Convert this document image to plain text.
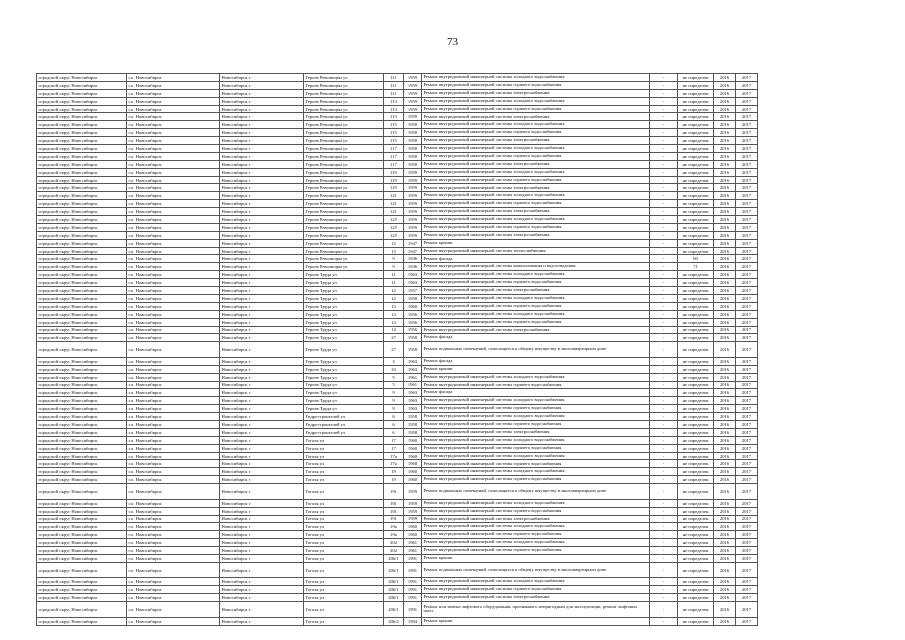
73
городской округ Новосибирск	г.о. Новосибирск	Новосибирск г	Героев Революции ул	111	1959	Ремонт внутридомовой инженерной системы холодного водоснабжения	-	не определен	2016	2017
городской округ Новосибирск	г.о. Новосибирск	Новосибирск г	Героев Революции ул	111	1959	Ремонт внутридомовой инженерной системы горячего водоснабжения	-	не определен	2016	2017
городской округ Новосибирск	г.о. Новосибирск	Новосибирск г	Героев Революции ул	111	1959	Ремонт внутридомовой инженерной системы электроснабжения	-	не определен	2016	2017
городской округ Новосибирск	г.о. Новосибирск	Новосибирск г	Героев Революции ул	113	1959	Ремонт внутридомовой инженерной системы холодного водоснабжения	-	не определен	2016	2017
городской округ Новосибирск	г.о. Новосибирск	Новосибирск г	Героев Революции ул	113	1959	Ремонт внутридомовой инженерной системы горячего водоснабжения	-	не определен	2016	2017
городской округ Новосибирск	г.о. Новосибирск	Новосибирск г	Героев Революции ул	113	1959	Ремонт внутридомовой инженерной системы электроснабжения	-	не определен	2016	2017
городской округ Новосибирск	г.о. Новосибирск	Новосибирск г	Героев Революции ул	115	1958	Ремонт внутридомовой инженерной системы холодного водоснабжения	-	не определен	2016	2017
городской округ Новосибирск	г.о. Новосибирск	Новосибирск г	Героев Революции ул	115	1958	Ремонт внутридомовой инженерной системы горячего водоснабжения	-	не определен	2016	2017
городской округ Новосибирск	г.о. Новосибирск	Новосибирск г	Героев Революции ул	115	1958	Ремонт внутридомовой инженерной системы электроснабжения	-	не определен	2016	2017
городской округ Новосибирск	г.о. Новосибирск	Новосибирск г	Героев Революции ул	117	1958	Ремонт внутридомовой инженерной системы холодного водоснабжения	-	не определен	2016	2017
городской округ Новосибирск	г.о. Новосибирск	Новосибирск г	Героев Революции ул	117	1958	Ремонт внутридомовой инженерной системы горячего водоснабжения	-	не определен	2016	2017
городской округ Новосибирск	г.о. Новосибирск	Новосибирск г	Героев Революции ул	117	1958	Ремонт внутридомовой инженерной системы электроснабжения	-	не определен	2016	2017
городской округ Новосибирск	г.о. Новосибирск	Новосибирск г	Героев Революции ул	119	1959	Ремонт внутридомовой инженерной системы холодного водоснабжения	-	не определен	2016	2017
городской округ Новосибирск	г.о. Новосибирск	Новосибирск г	Героев Революции ул	119	1959	Ремонт внутридомовой инженерной системы горячего водоснабжения	-	не определен	2016	2017
городской округ Новосибирск	г.о. Новосибирск	Новосибирск г	Героев Революции ул	119	1959	Ремонт внутридомовой инженерной системы электроснабжения	-	не определен	2016	2017
городской округ Новосибирск	г.о. Новосибирск	Новосибирск г	Героев Революции ул	121	1959	Ремонт внутридомовой инженерной системы холодного водоснабжения	-	не определен	2016	2017
городской округ Новосибирск	г.о. Новосибирск	Новосибирск г	Героев Революции ул	121	1959	Ремонт внутридомовой инженерной системы горячего водоснабжения	-	не определен	2016	2017
городской округ Новосибирск	г.о. Новосибирск	Новосибирск г	Героев Революции ул	121	1959	Ремонт внутридомовой инженерной системы электроснабжения	-	не определен	2016	2017
городской округ Новосибирск	г.о. Новосибирск	Новосибирск г	Героев Революции ул	125	1959	Ремонт внутридомовой инженерной системы холодного водоснабжения	-	не определен	2016	2017
городской округ Новосибирск	г.о. Новосибирск	Новосибирск г	Героев Революции ул	125	1959	Ремонт внутридомовой инженерной системы горячего водоснабжения	-	не определен	2016	2017
городской округ Новосибирск	г.о. Новосибирск	Новосибирск г	Героев Революции ул	125	1959	Ремонт внутридомовой инженерной системы электроснабжения	-	не определен	2016	2017
городской округ Новосибирск	г.о. Новосибирск	Новосибирск г	Героев Революции ул	13	1947	Ремонт крыши	-	не определен	2016	2017
городской округ Новосибирск	г.о. Новосибирск	Новосибирск г	Героев Революции ул	13	1947	Ремонт внутридомовой инженерной системы теплоснабжения	-	не определен	2016	2017
городской округ Новосибирск	г.о. Новосибирск	Новосибирск г	Героев Революции ул	9	1936	Ремонт фасада	-	60	2016	2017
городской округ Новосибирск	г.о. Новосибирск	Новосибирск г	Героев Революции ул	9	1936	Ремонт внутридомовой инженерной системы канализования и водоотведения	-	71	2016	2017
городской округ Новосибирск	г.о. Новосибирск	Новосибирск г	Героев Труда ул	11	1963	Ремонт внутридомовой инженерной системы холодного водоснабжения	-	не определен	2016	2017
городской округ Новосибирск	г.о. Новосибирск	Новосибирск г	Героев Труда ул	11	1963	Ремонт внутридомовой инженерной системы горячего водоснабжения	-	не определен	2016	2017
городской округ Новосибирск	г.о. Новосибирск	Новосибирск г	Героев Труда ул	12	1957	Ремонт внутридомовой инженерной системы электроснабжения	-	не определен	2016	2017
городской округ Новосибирск	г.о. Новосибирск	Новосибирск г	Героев Труда ул	12	1958	Ремонт внутридомовой инженерной системы холодного водоснабжения	-	не определен	2016	2017
городской округ Новосибирск	г.о. Новосибирск	Новосибирск г	Героев Труда ул	13	1960	Ремонт внутридомовой инженерной системы горячего водоснабжения	-	не определен	2016	2017
городской округ Новосибирск	г.о. Новосибирск	Новосибирск г	Героев Труда ул	14	1956	Ремонт внутридомовой инженерной системы холодного водоснабжения	-	не определен	2016	2017
городской округ Новосибирск	г.о. Новосибирск	Новосибирск г	Героев Труда ул	14	1956	Ремонт внутридомовой инженерной системы горячего водоснабжения	-	не определен	2016	2017
городской округ Новосибирск	г.о. Новосибирск	Новосибирск г	Героев Труда ул	14	1956	Ремонт внутридомовой инженерной системы электроснабжения	-	не определен	2016	2017
городской округ Новосибирск	г.о. Новосибирск	Новосибирск г	Героев Труда ул	27	1958	Ремонт фасада	-	не определен	2016	2017
городской округ Новосибирск	г.о. Новосибирск	Новосибирск г	Героев Труда ул	27	1958	Ремонт подвальных помещений, относящихся к общему имуществу в многоквартирном доме	-	не определен	2016	2017
городской округ Новосибирск	г.о. Новосибирск	Новосибирск г	Героев Труда ул	3	1963	Ремонт фасада	-	не определен	2016	2017
городской округ Новосибирск	г.о. Новосибирск	Новосибирск г	Героев Труда ул	33	1963	Ремонт крыши	-	не определен	2016	2017
городской округ Новосибирск	г.о. Новосибирск	Новосибирск г	Героев Труда ул	5	1961	Ремонт внутридомовой инженерной системы холодного водоснабжения	-	не определен	2016	2017
городской округ Новосибирск	г.о. Новосибирск	Новосибирск г	Героев Труда ул	5	1961	Ремонт внутридомовой инженерной системы горячего водоснабжения	-	не определен	2016	2017
городской округ Новосибирск	г.о. Новосибирск	Новосибирск г	Героев Труда ул	9	1963	Ремонт фасада	-	не определен	2016	2017
городской округ Новосибирск	г.о. Новосибирск	Новосибирск г	Героев Труда ул	9	1963	Ремонт внутридомовой инженерной системы холодного водоснабжения	-	не определен	2016	2017
городской округ Новосибирск	г.о. Новосибирск	Новосибирск г	Героев Труда ул	9	1963	Ремонт внутридомовой инженерной системы горячего водоснабжения	-	не определен	2016	2017
городской округ Новосибирск	г.о. Новосибирск	Новосибирск г	Гидростроителей ул	6	1958	Ремонт внутридомовой инженерной системы холодного водоснабжения	-	не определен	2016	2017
городской округ Новосибирск	г.о. Новосибирск	Новосибирск г	Гидростроителей ул	6	1958	Ремонт внутридомовой инженерной системы горячего водоснабжения	-	не определен	2016	2017
городской округ Новосибирск	г.о. Новосибирск	Новосибирск г	Гидростроителей ул	6	1958	Ремонт внутридомовой инженерной системы электроснабжения	-	не определен	2016	2017
городской округ Новосибирск	г.о. Новосибирск	Новосибирск г	Гоголя ул	17	1960	Ремонт внутридомовой инженерной системы холодного водоснабжения	-	не определен	2016	2017
городской округ Новосибирск	г.о. Новосибирск	Новосибирск г	Гоголя ул	17	1960	Ремонт внутридомовой инженерной системы горячего водоснабжения	-	не определен	2016	2017
городской округ Новосибирск	г.о. Новосибирск	Новосибирск г	Гоголя ул	17а	1960	Ремонт внутридомовой инженерной системы холодного водоснабжения	-	не определен	2016	2017
городской округ Новосибирск	г.о. Новосибирск	Новосибирск г	Гоголя ул	17а	1960	Ремонт внутридомовой инженерной системы горячего водоснабжения	-	не определен	2016	2017
городской округ Новосибирск	г.о. Новосибирск	Новосибирск г	Гоголя ул	19	1960	Ремонт внутридомовой инженерной системы холодного водоснабжения	-	не определен	2016	2017
городской округ Новосибирск	г.о. Новосибирск	Новосибирск г	Гоголя ул	19	1960	Ремонт внутридомовой инженерной системы горячего водоснабжения	-	не определен	2016	2017
городской округ Новосибирск	г.о. Новосибирск	Новосибирск г	Гоголя ул	191	1959	Ремонт подвальных помещений, относящихся к общему имуществу в многоквартирном доме	-	не определен	2016	2017
городской округ Новосибирск	г.о. Новосибирск	Новосибирск г	Гоголя ул	191	1959	Ремонт внутридомовой инженерной системы холодного водоснабжения	-	не определен	2016	2017
городской округ Новосибирск	г.о. Новосибирск	Новосибирск г	Гоголя ул	191	1959	Ремонт внутридомовой инженерной системы горячего водоснабжения	-	не определен	2016	2017
городской округ Новосибирск	г.о. Новосибирск	Новосибирск г	Гоголя ул	191	1959	Ремонт внутридомовой инженерной системы электроснабжения	-	не определен	2016	2017
городской округ Новосибирск	г.о. Новосибирск	Новосибирск г	Гоголя ул	19а	1960	Ремонт внутридомовой инженерной системы холодного водоснабжения	-	не определен	2016	2017
городской округ Новосибирск	г.о. Новосибирск	Новосибирск г	Гоголя ул	19а	1960	Ремонт внутридомовой инженерной системы горячего водоснабжения	-	не определен	2016	2017
городской округ Новосибирск	г.о. Новосибирск	Новосибирск г	Гоголя ул	202	1961	Ремонт внутридомовой инженерной системы холодного водоснабжения	-	не определен	2016	2017
городской округ Новосибирск	г.о. Новосибирск	Новосибирск г	Гоголя ул	202	1961	Ремонт внутридомовой инженерной системы горячего водоснабжения	-	не определен	2016	2017
городской округ Новосибирск	г.о. Новосибирск	Новосибирск г	Гоголя ул	206/1	1991	Ремонт крыши	-	не определен	2016	2017
городской округ Новосибирск	г.о. Новосибирск	Новосибирск г	Гоголя ул	206/1	1991	Ремонт подвальных помещений, относящихся к общему имуществу в многоквартирном доме	-	не определен	2016	2017
городской округ Новосибирск	г.о. Новосибирск	Новосибирск г	Гоголя ул	206/1	1991	Ремонт внутридомовой инженерной системы холодного водоснабжения	-	не определен	2016	2017
городской округ Новосибирск	г.о. Новосибирск	Новосибирск г	Гоголя ул	206/1	1991	Ремонт внутридомовой инженерной системы горячего водоснабжения	-	не определен	2016	2017
городской округ Новосибирск	г.о. Новосибирск	Новосибирск г	Гоголя ул	206/1	1991	Ремонт внутридомовой инженерной системы электроснабжения	-	не определен	2016	2017
городской округ Новосибирск	г.о. Новосибирск	Новосибирск г	Гоголя ул	206/1	1991	Ремонт или замена лифтового оборудования, признанного непригодным для эксплуатации, ремонт лифтовых шахт	-	не определен	2016	2017
городской округ Новосибирск	г.о. Новосибирск	Новосибирск г	Гоголя ул	206/2	1994	Ремонт крыши	-	не определен	2016	2017
